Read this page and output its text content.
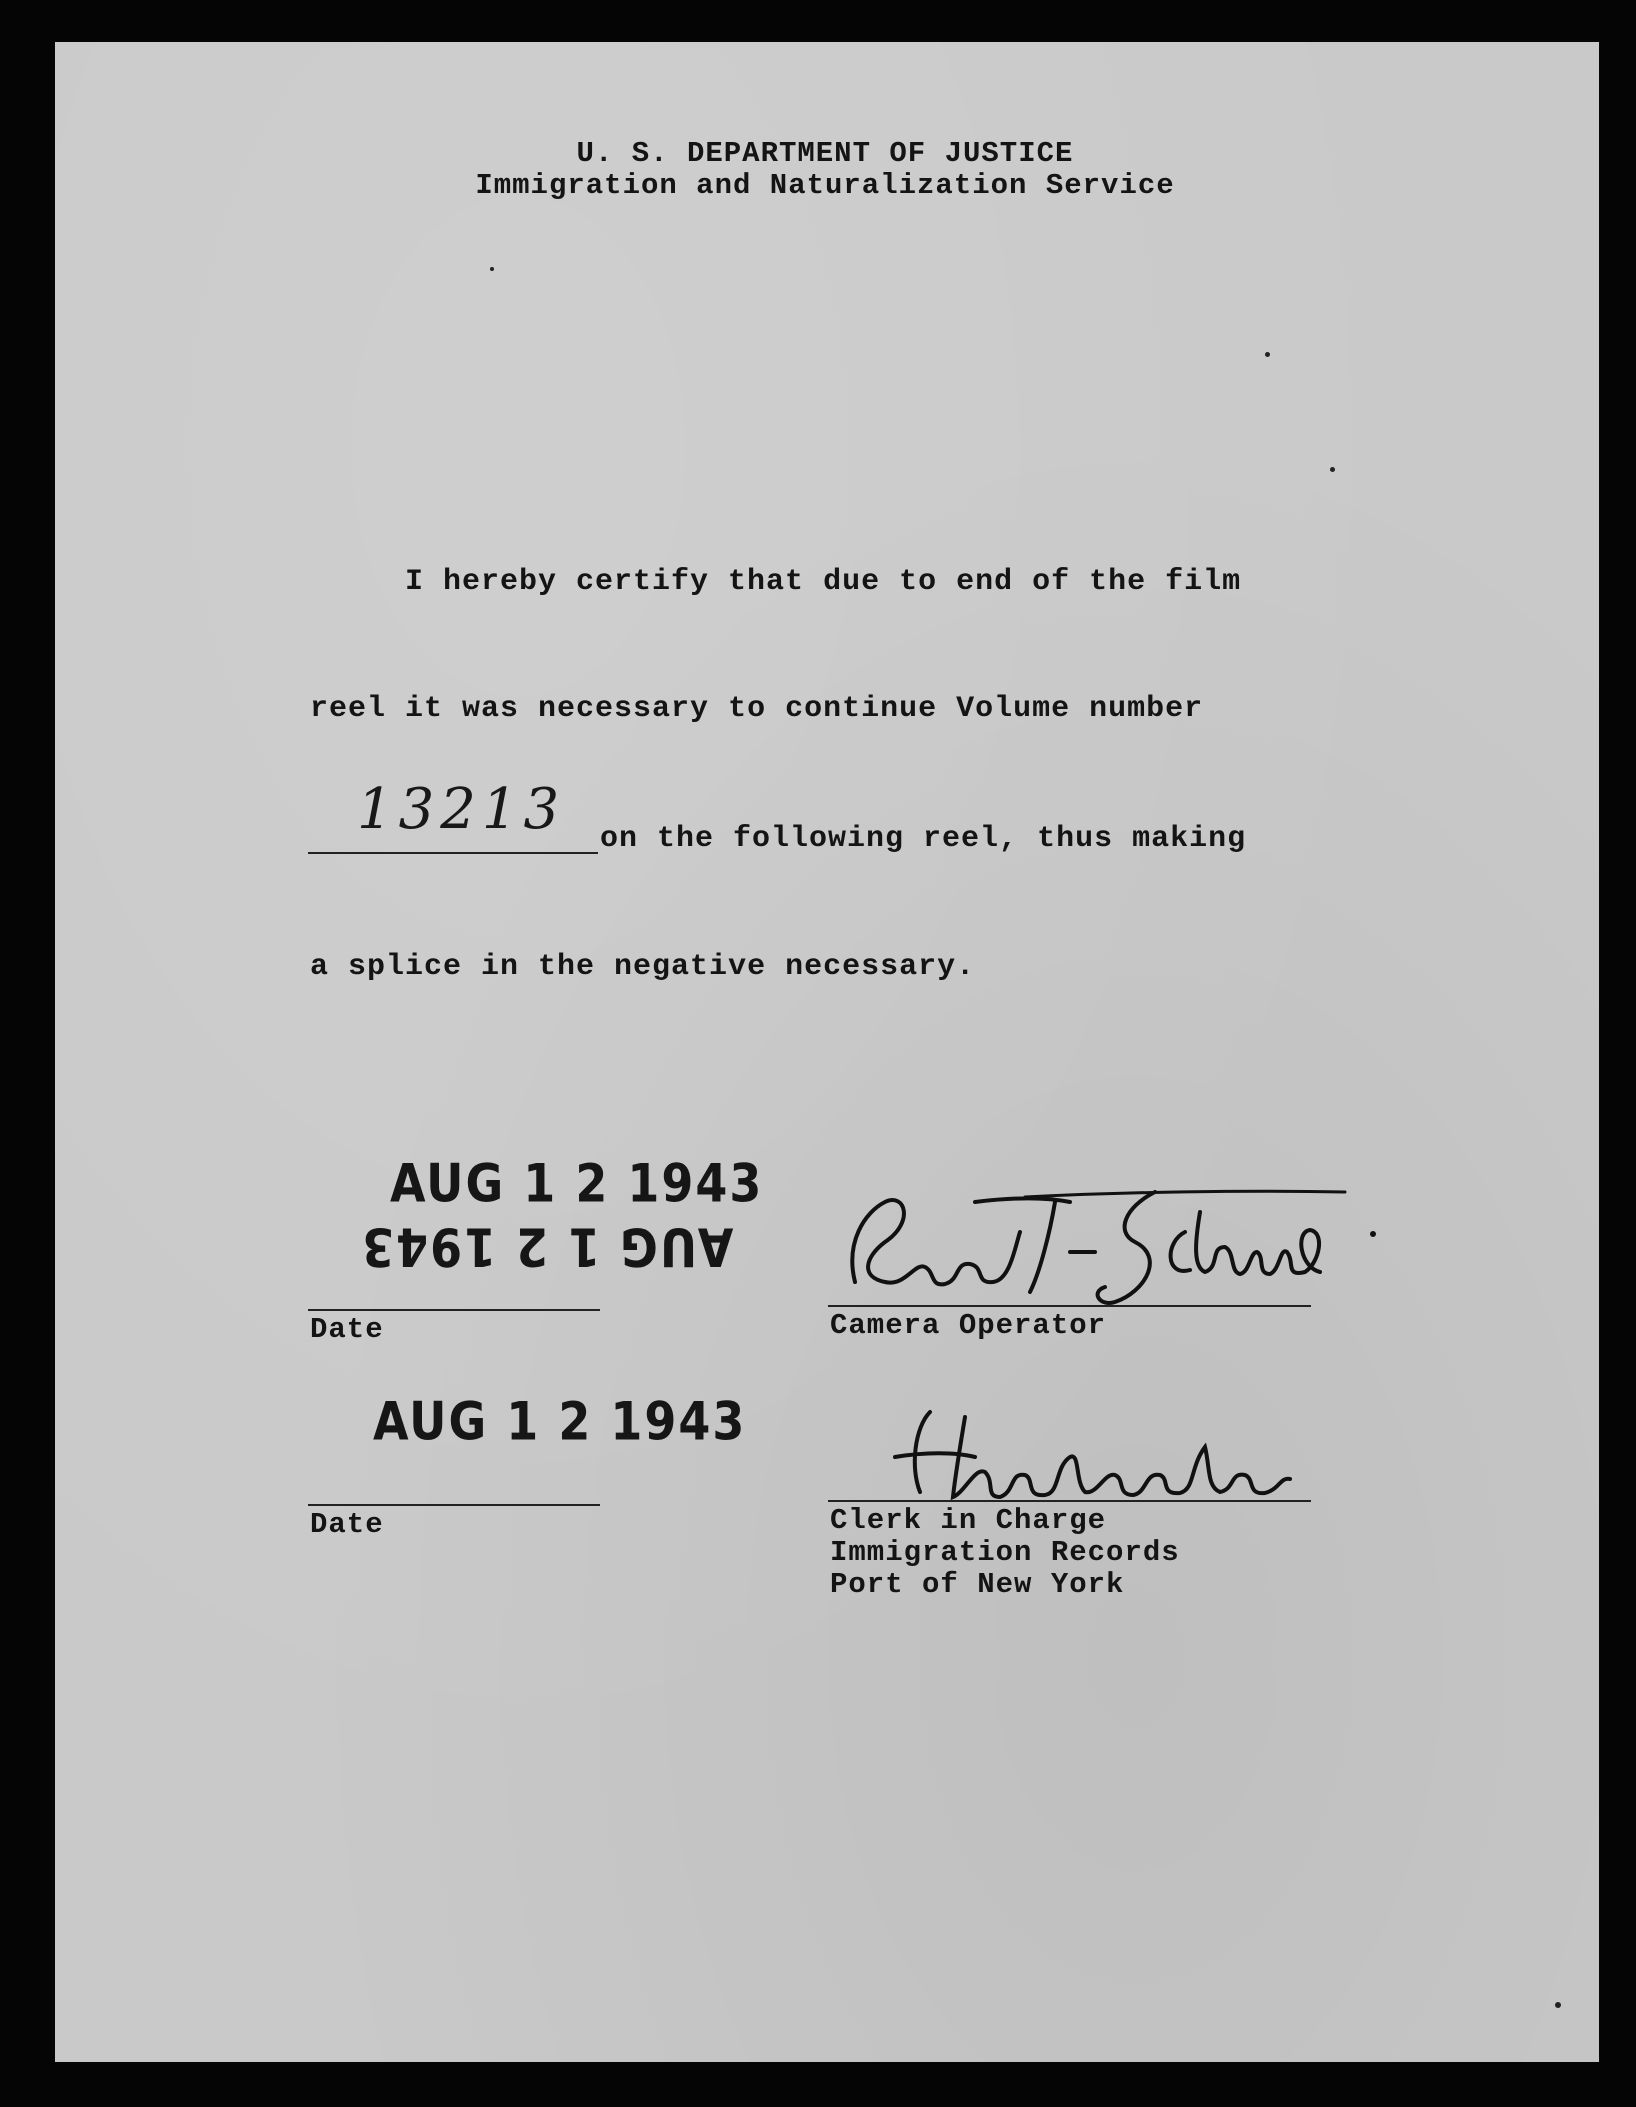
U. S. DEPARTMENT OF JUSTICE
Immigration and Naturalization Service
I hereby certify that due to end of the film
reel it was necessary to continue Volume number
13213 on the following reel, thus making
a splice in the negative necessary.
AUG 1 2 1943
AUG 1 2 1943
Date	Camera Operator
AUG 1 2 1943
Date	Clerk in Charge
Immigration Records
Port of New York
